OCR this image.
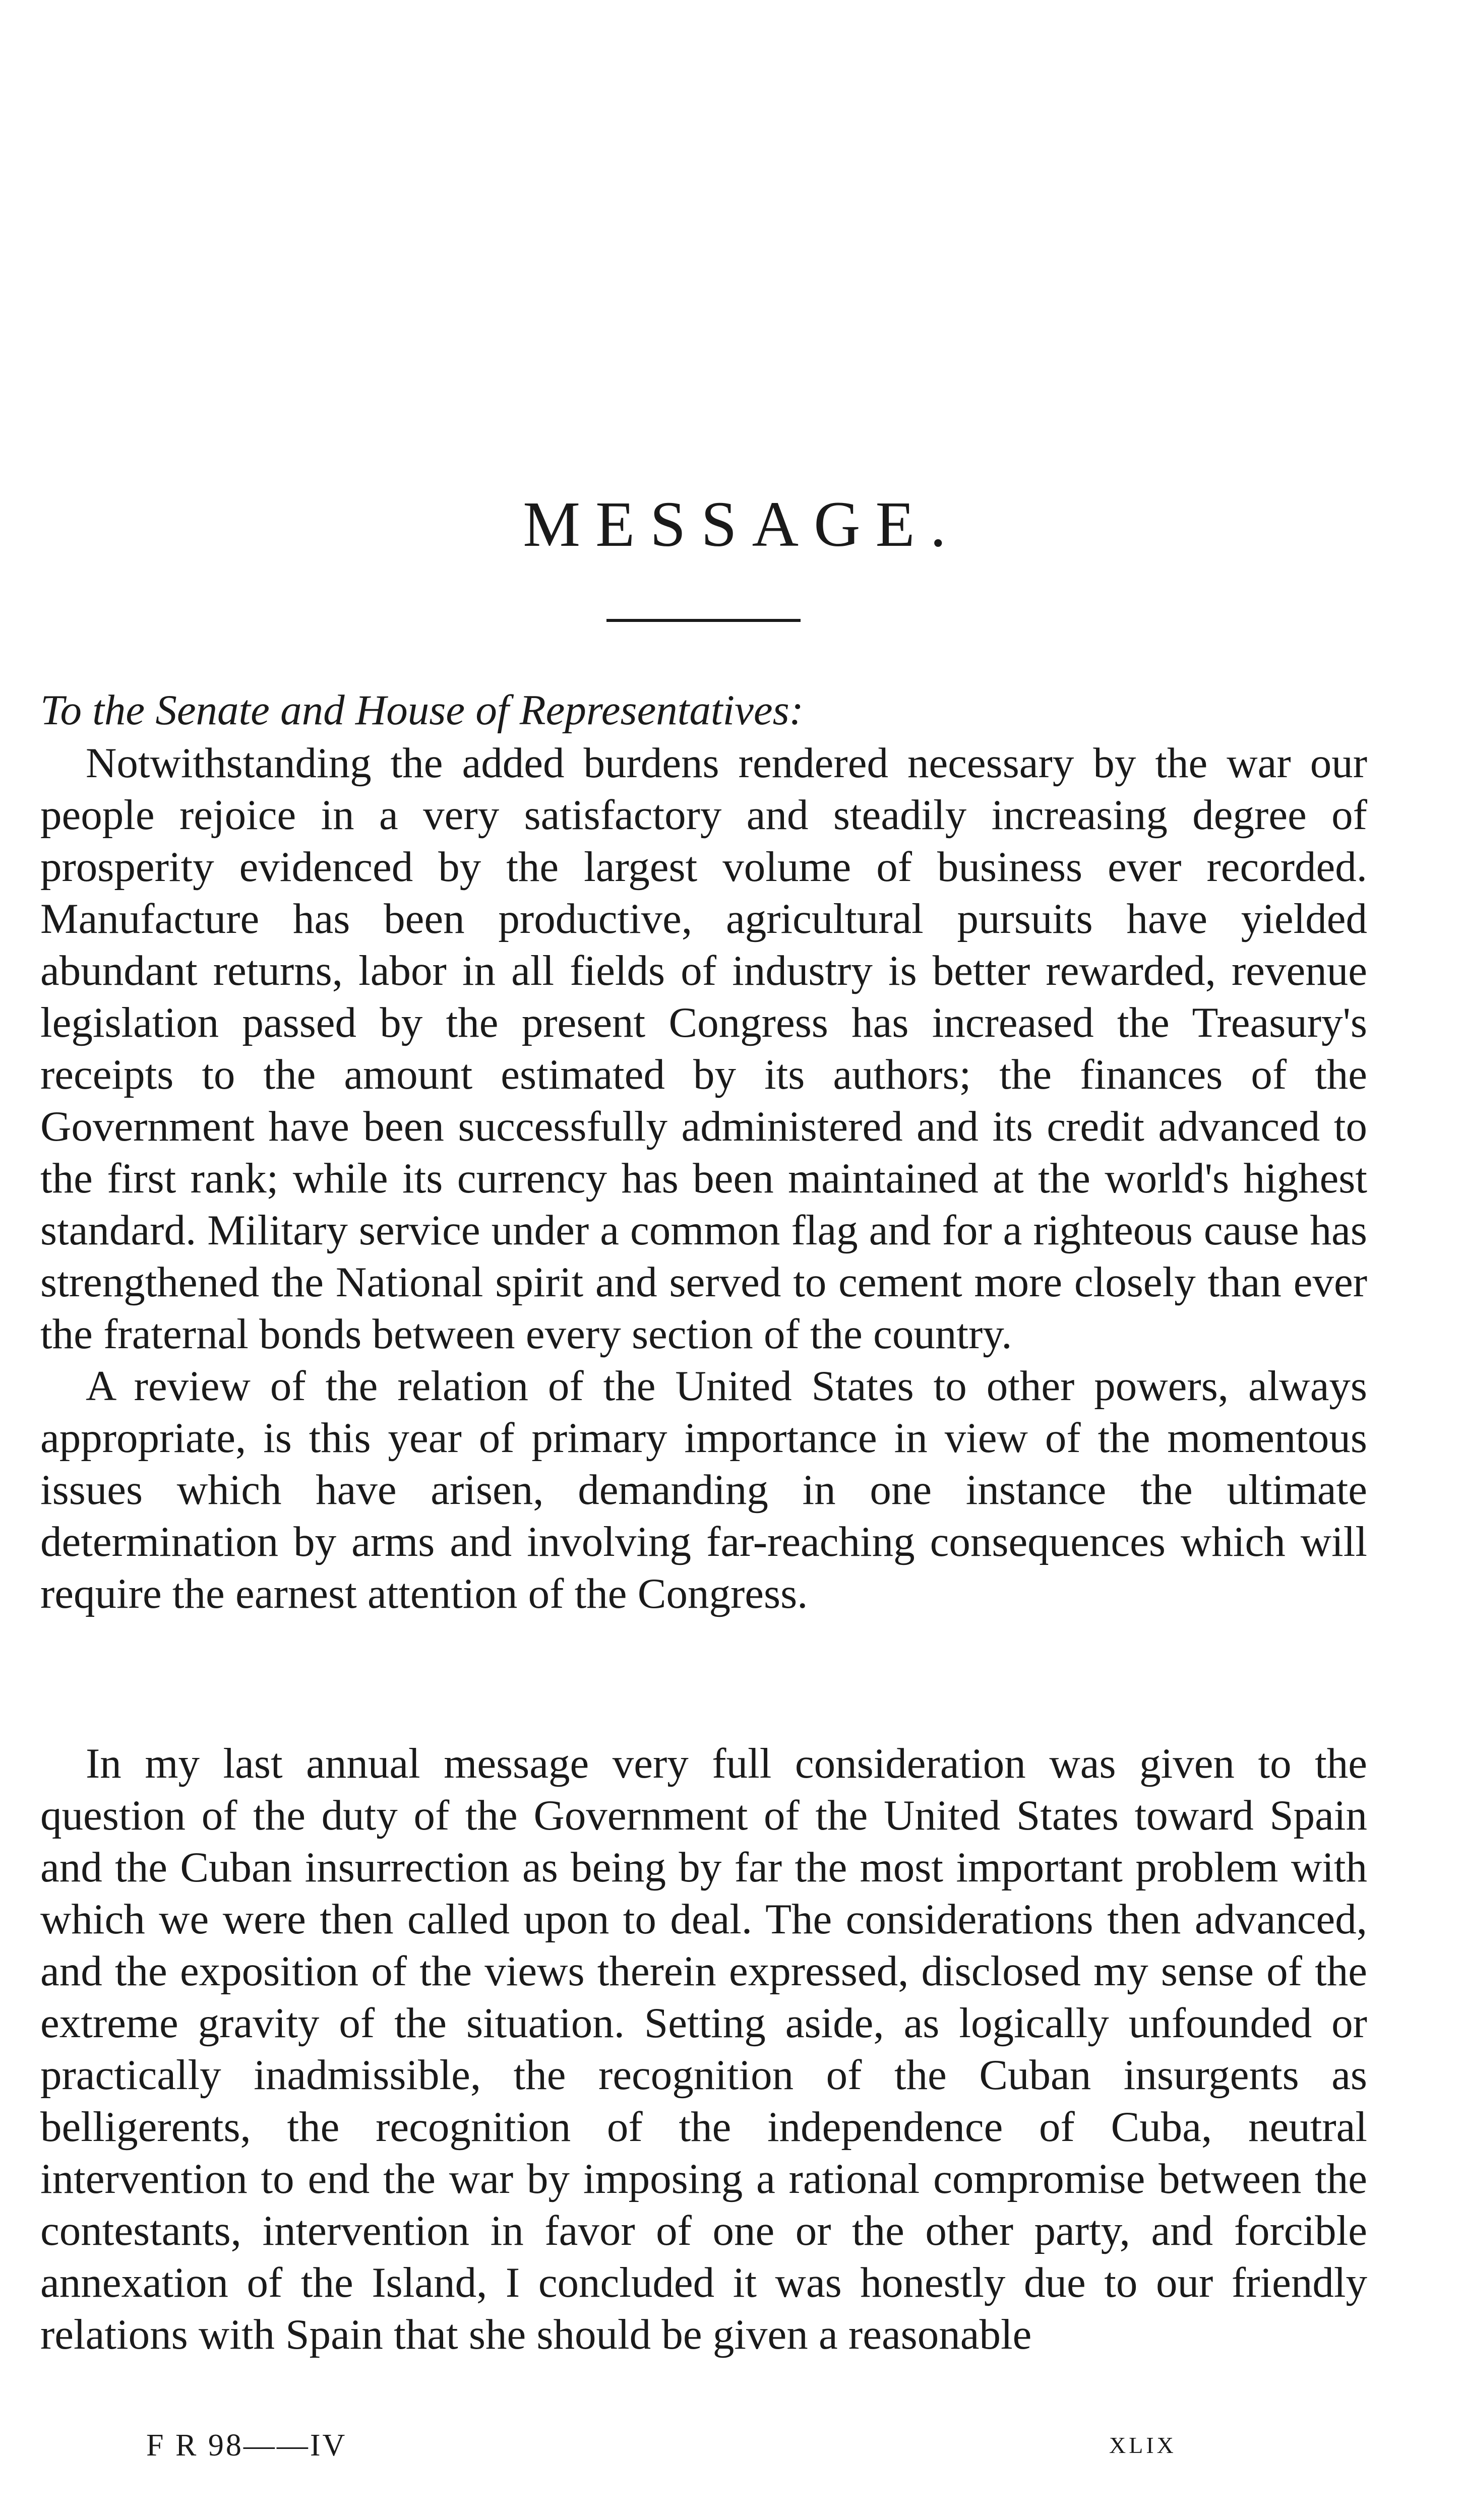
MESSAGE.
To the Senate and House of Representatives:

Notwithstanding the added burdens rendered necessary by the war our people rejoice in a very satisfactory and steadily increasing degree of prosperity evidenced by the largest volume of business ever recorded. Manufacture has been productive, agricultural pursuits have yielded abundant returns, labor in all fields of industry is better rewarded, revenue legislation passed by the present Congress has increased the Treasury's receipts to the amount estimated by its authors; the finances of the Government have been successfully administered and its credit advanced to the first rank; while its currency has been maintained at the world's highest standard. Military service under a common flag and for a righteous cause has strengthened the National spirit and served to cement more closely than ever the fraternal bonds between every section of the country.

A review of the relation of the United States to other powers, always appropriate, is this year of primary importance in view of the momentous issues which have arisen, demanding in one instance the ultimate determination by arms and involving far-reaching consequences which will require the earnest attention of the Congress.

In my last annual message very full consideration was given to the question of the duty of the Government of the United States toward Spain and the Cuban insurrection as being by far the most important problem with which we were then called upon to deal. The considerations then advanced, and the exposition of the views therein expressed, disclosed my sense of the extreme gravity of the situation. Setting aside, as logically unfounded or practically inadmissible, the recognition of the Cuban insurgents as belligerents, the recognition of the independence of Cuba, neutral intervention to end the war by imposing a rational compromise between the contestants, intervention in favor of one or the other party, and forcible annexation of the Island, I concluded it was honestly due to our friendly relations with Spain that she should be given a reasonable

F R 98——IV	XLIX
